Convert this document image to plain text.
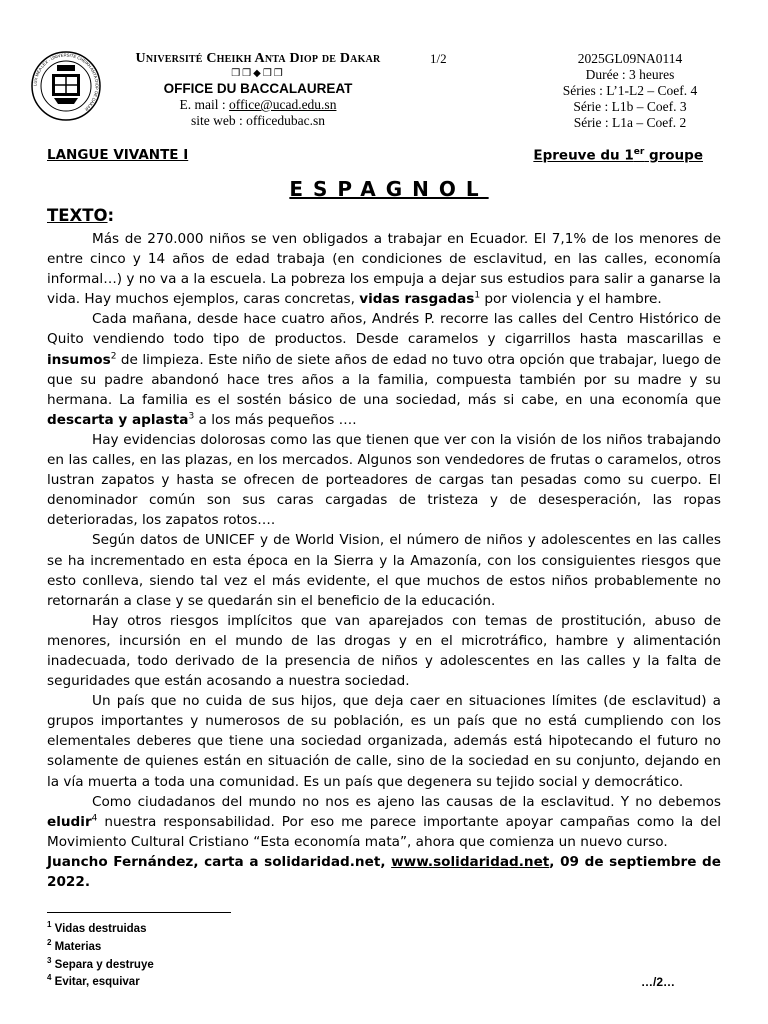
LUX MEA LEX · UNIVERSITÉ CHEIKH ANTA DIOP DE DAKAR
Université Cheikh Anta Diop de Dakar
❒❒◆❒❒
OFFICE DU BACCALAUREAT
E. mail : office@ucad.edu.sn
site web : officedubac.sn
1/2	2025GL09NA0114
Durée : 3 heures
Séries : L’1-L2 – Coef. 4
Série : L1b – Coef. 3
Série : L1a – Coef. 2
LANGUE VIVANTE I	Epreuve du 1er groupe
ESPAGNOL
TEXTO:

Más de 270.000 niños se ven obligados a trabajar en Ecuador. El 7,1% de los menores de entre cinco y 14 años de edad trabaja (en condiciones de esclavitud, en las calles, economía informal…) y no va a la escuela. La pobreza los empuja a dejar sus estudios para salir a ganarse la vida. Hay muchos ejemplos, caras concretas, vidas rasgadas$^1$ por violencia y el hambre.

Cada mañana, desde hace cuatro años, Andrés P. recorre las calles del Centro Histórico de Quito vendiendo todo tipo de productos. Desde caramelos y cigarrillos hasta mascarillas e insumos$^2$ de limpieza. Este niño de siete años de edad no tuvo otra opción que trabajar, luego de que su padre abandonó hace tres años a la familia, compuesta también por su madre y su hermana. La familia es el sostén básico de una sociedad, más si cabe, en una economía que descarta y aplasta$^3$ a los más pequeños ….

Hay evidencias dolorosas como las que tienen que ver con la visión de los niños trabajando en las calles, en las plazas, en los mercados. Algunos son vendedores de frutas o caramelos, otros lustran zapatos y hasta se ofrecen de porteadores de cargas tan pesadas como su cuerpo. El denominador común son sus caras cargadas de tristeza y de desesperación, las ropas deterioradas, los zapatos rotos….

Según datos de UNICEF y de World Vision, el número de niños y adolescentes en las calles se ha incrementado en esta época en la Sierra y la Amazonía, con los consiguientes riesgos que esto conlleva, siendo tal vez el más evidente, el que muchos de estos niños probablemente no retornarán a clase y se quedarán sin el beneficio de la educación.

Hay otros riesgos implícitos que van aparejados con temas de prostitución, abuso de menores, incursión en el mundo de las drogas y en el microtráfico, hambre y alimentación inadecuada, todo derivado de la presencia de niños y adolescentes en las calles y la falta de seguridades que están acosando a nuestra sociedad.

Un país que no cuida de sus hijos, que deja caer en situaciones límites (de esclavitud) a grupos importantes y numerosos de su población, es un país que no está cumpliendo con los elementales deberes que tiene una sociedad organizada, además está hipotecando el futuro no solamente de quienes están en situación de calle, sino de la sociedad en su conjunto, dejando en la vía muerta a toda una comunidad. Es un país que degenera su tejido social y democrático.

Como ciudadanos del mundo no nos es ajeno las causas de la esclavitud. Y no debemos eludir$^4$ nuestra responsabilidad. Por eso me parece importante apoyar campañas como la del Movimiento Cultural Cristiano “Esta economía mata”, ahora que comienza un nuevo curso.

Juancho Fernández, carta a solidaridad.net, www.solidaridad.net, 09 de septiembre de 2022.

$^1$ Vidas destruidas
$^2$ Materias
$^3$ Separa y destruye
$^4$ Evitar, esquivar	…/2…
